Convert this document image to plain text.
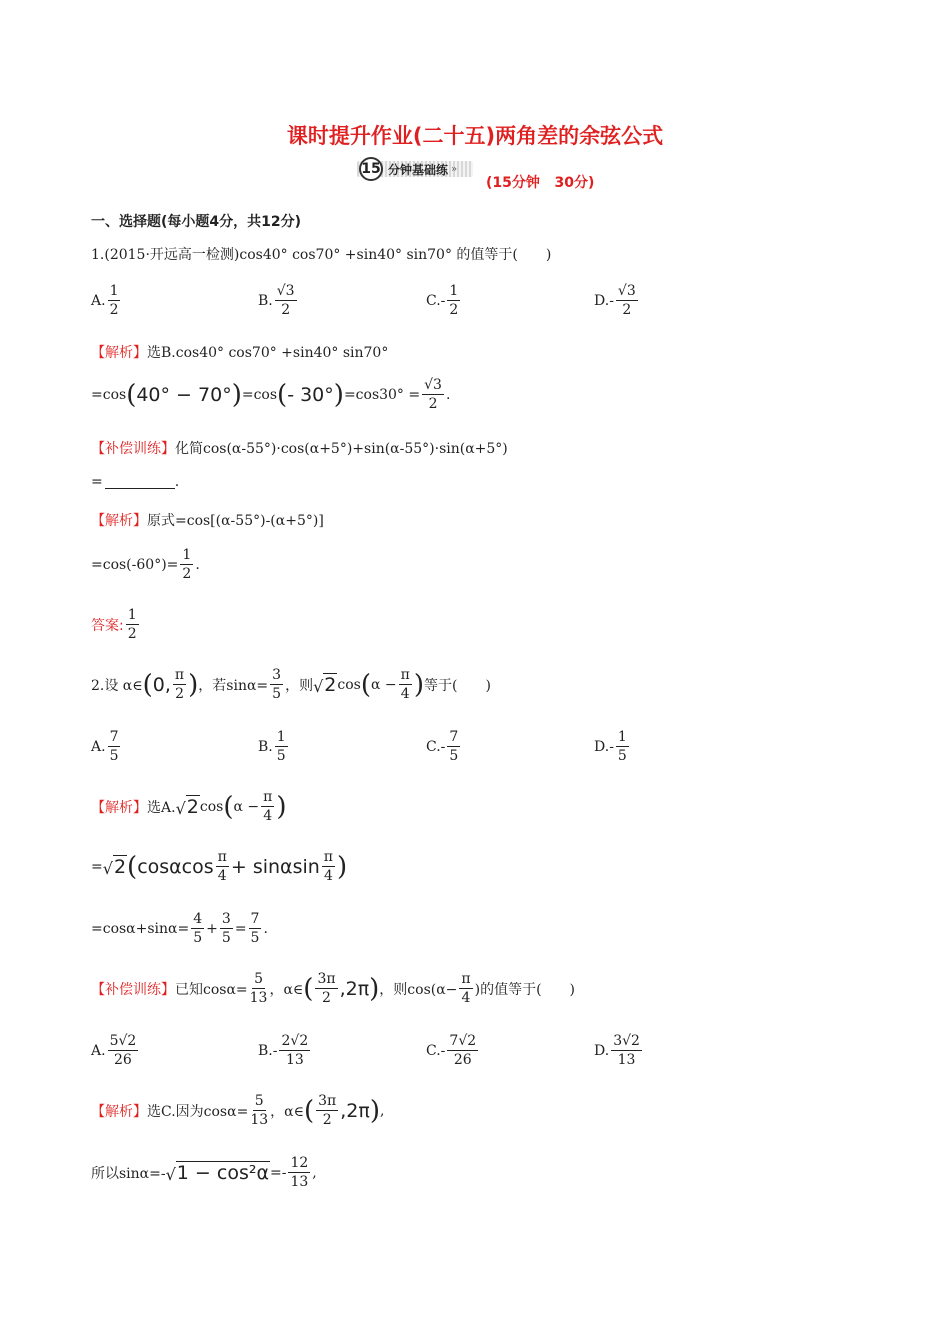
课时提升作业(二十五)两角差的余弦公式
15 分钟基础练 »
(15分钟   30分)
一、选择题(每小题4分，共12分)
1.(2015·开远高一检测)cos40° cos70° +sin40° sin70° 的值等于(　　)
A. $\frac{1}{2}$	B. $\frac{√3}{2}$	C. - $\frac{1}{2}$	D. - $\frac{√3}{2}$
【解析】 选B.cos40° cos70° +sin40° sin70°
=cos ( 40° − 70° ) =cos ( - 30° ) $=\cos 30^\circ = \frac{√3}{2}$ .
【补偿训练】 化简cos(α-55°)·cos(α+5°)+sin(α-55°)·sin(α+5°)
=	.
【解析】 原式=cos[(α-55°)-(α+5°)]
$=\cos(-60^\circ)= \frac{1}{2}$ .
答案: $\frac{1}{2}$
2.设 α∈ ( 0, $\frac{\pi}{2}$ ) ，若$\sin\alpha= \frac{3}{5}$ ，则 √ 2 cos ( $\alpha - \frac{\pi}{4}$ ) 等于(　　)
A. $\frac{7}{5}$	B. $\frac{1}{5}$	C. - $\frac{7}{5}$	D. - $\frac{1}{5}$
【解析】 选A. √ 2 cos ( $\alpha - \frac{\pi}{4}$ )
= √ 2 ( cosαcos $\frac{\pi}{4} + \sin\alpha\sin \frac{\pi}{4}$ )
$=\cos\alpha+\sin\alpha= \frac{4}{5} + \frac{3}{5} = \frac{7}{5}$ .
【补偿训练】 已知$\cos\alpha= \frac{5}{13}$ ，α∈ ( $\frac{3\pi}{2} ,2\pi$ ) ，则$\cos(\alpha- \frac{\pi}{4}$ )的值等于(　　)
A. $\frac{5√2}{26}$	B. - $\frac{2√2}{13}$	C. - $\frac{7√2}{26}$	D. $\frac{3√2}{13}$
【解析】 选C.因为$\cos\alpha= \frac{5}{13}$ ，α∈ ( $\frac{3\pi}{2} ,2\pi$ ) ,
所以sinα=- √ $1 - \cos^2\alpha =- \frac{12}{13}$ ,
